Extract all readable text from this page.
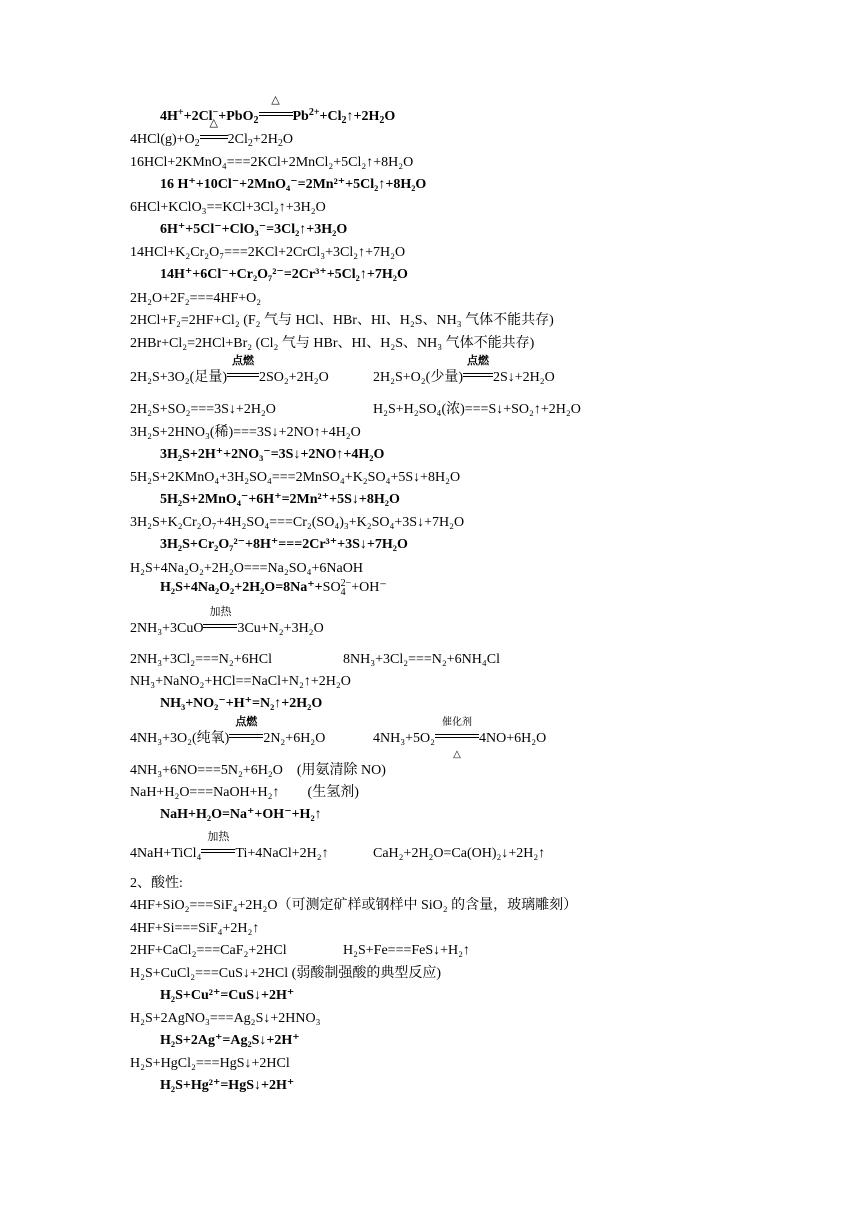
4H++2Cl−+PbO$_2$
△
$Pb^{2+}+Cl_2↑+2H_2O$
$4HCl(g)+O_2$
△
$2Cl_2+2H_2O$
16HCl+2KMnO₄===2KCl+2MnCl₂+5Cl₂↑+8H₂O
16 H⁺+10Cl⁻+2MnO₄⁻=2Mn²⁺+5Cl₂↑+8H₂O
6HCl+KClO₃==KCl+3Cl₂↑+3H₂O
6H⁺+5Cl⁻+ClO₃⁻=3Cl₂↑+3H₂O
14HCl+K₂Cr₂O₇===2KCl+2CrCl₃+3Cl₂↑+7H₂O
14H⁺+6Cl⁻+Cr₂O₇²⁻=2Cr³⁺+5Cl₂↑+7H₂O
2H₂O+2F₂===4HF+O₂
2HCl+F₂=2HF+Cl₂ (F₂ 气与 HCl、HBr、HI、H₂S、NH₃ 气体不能共存)
2HBr+Cl₂=2HCl+Br₂ (Cl₂ 气与 HBr、HI、H₂S、NH₃ 气体不能共存)
2H₂S+3O₂(足量)
点燃
2SO₂+2H₂O	2H₂S+O₂(少量)
点燃
2S↓+2H₂O
2H₂S+SO₂===3S↓+2H₂O	H₂S+H₂SO₄(浓)===S↓+SO₂↑+2H₂O
3H₂S+2HNO₃(稀)===3S↓+2NO↑+4H₂O
3H₂S+2H⁺+2NO₃⁻=3S↓+2NO↑+4H₂O
5H₂S+2KMnO₄+3H₂SO₄===2MnSO₄+K₂SO₄+5S↓+8H₂O
5H₂S+2MnO₄⁻+6H⁺=2Mn²⁺+5S↓+8H₂O
3H₂S+K₂Cr₂O₇+4H₂SO₄===Cr₂(SO₄)₃+K₂SO₄+3S↓+7H₂O
3H₂S+Cr₂O₇²⁻+8H⁺===2Cr³⁺+3S↓+7H₂O
H₂S+4Na₂O₂+2H₂O===Na₂SO₄+6NaOH
H₂S+4Na₂O₂+2H₂O=8Na⁺+SO2−
4 +OH⁻
2NH₃+3CuO
加热
3Cu+N₂+3H₂O
2NH₃+3Cl₂===N₂+6HCl	8NH₃+3Cl₂===N₂+6NH₄Cl
NH₃+NaNO₂+HCl==NaCl+N₂↑+2H₂O
NH₃+NO₂⁻+H⁺=N₂↑+2H₂O
4NH₃+3O₂(纯氧)
点燃
2N₂+6H₂O	4NH₃+5O₂
催化剂
△
4NO+6H₂O
4NH₃+6NO===5N₂+6H₂O　(用氨清除 NO)
NaH+H₂O===NaOH+H₂↑　　(生氢剂)
NaH+H₂O=Na⁺+OH⁻+H₂↑
4NaH+TiCl₄
加热
Ti+4NaCl+2H₂↑	CaH₂+2H₂O=Ca(OH)₂↓+2H₂↑
2、酸性:
4HF+SiO₂===SiF₄+2H₂O（可测定矿样或钢样中 SiO₂ 的含量，玻璃雕刻）
4HF+Si===SiF₄+2H₂↑
2HF+CaCl₂===CaF₂+2HCl	H₂S+Fe===FeS↓+H₂↑
H₂S+CuCl₂===CuS↓+2HCl (弱酸制强酸的典型反应)
H₂S+Cu²⁺=CuS↓+2H⁺
H₂S+2AgNO₃===Ag₂S↓+2HNO₃
H₂S+2Ag⁺=Ag₂S↓+2H⁺
H₂S+HgCl₂===HgS↓+2HCl
H₂S+Hg²⁺=HgS↓+2H⁺
